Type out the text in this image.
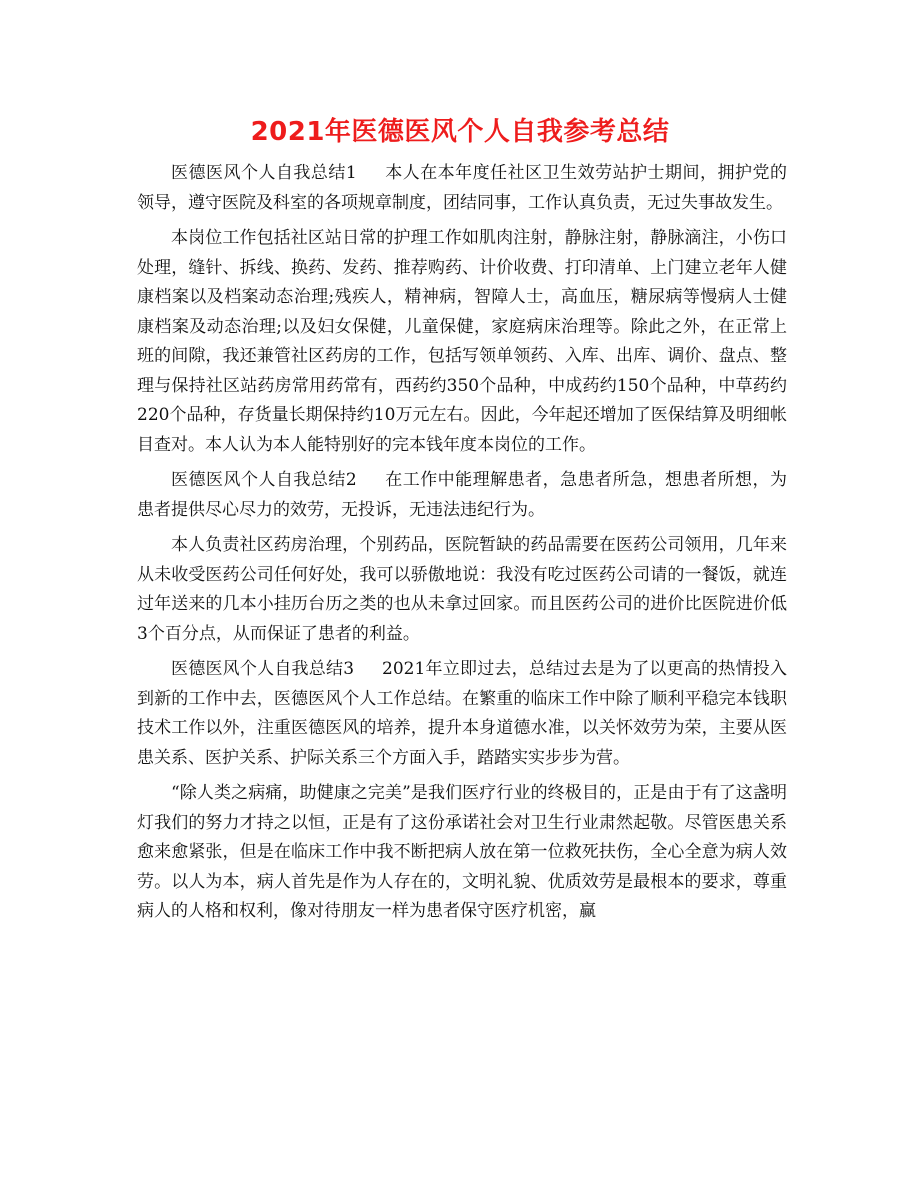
2021年医德医风个人自我参考总结

医德医风个人自我总结1 本人在本年度任社区卫生效劳站护士期间，拥护党的领导，遵守医院及科室的各项规章制度，团结同事，工作认真负责，无过失事故发生。

本岗位工作包括社区站日常的护理工作如肌肉注射，静脉注射，静脉滴注，小伤口处理，缝针、拆线、换药、发药、推荐购药、计价收费、打印清单、上门建立老年人健康档案以及档案动态治理;残疾人，精神病，智障人士，高血压，糖尿病等慢病人士健康档案及动态治理;以及妇女保健，儿童保健，家庭病床治理等。除此之外，在正常上班的间隙，我还兼管社区药房的工作，包括写领单领药、入库、出库、调价、盘点、整理与保持社区站药房常用药常有，西药约350个品种，中成药约150个品种，中草药约220个品种，存货量长期保持约10万元左右。因此，今年起还增加了医保结算及明细帐目查对。本人认为本人能特别好的完本钱年度本岗位的工作。

医德医风个人自我总结2 在工作中能理解患者，急患者所急，想患者所想，为患者提供尽心尽力的效劳，无投诉，无违法违纪行为。

本人负责社区药房治理，个别药品，医院暂缺的药品需要在医药公司领用，几年来从未收受医药公司任何好处，我可以骄傲地说：我没有吃过医药公司请的一餐饭，就连过年送来的几本小挂历台历之类的也从未拿过回家。而且医药公司的进价比医院进价低3个百分点，从而保证了患者的利益。

医德医风个人自我总结3 2021年立即过去，总结过去是为了以更高的热情投入到新的工作中去，医德医风个人工作总结。在繁重的临床工作中除了顺利平稳完本钱职技术工作以外，注重医德医风的培养，提升本身道德水准，以关怀效劳为荣，主要从医患关系、医护关系、护际关系三个方面入手，踏踏实实步步为营。

“除人类之病痛，助健康之完美”是我们医疗行业的终极目的，正是由于有了这盏明灯我们的努力才持之以恒，正是有了这份承诺社会对卫生行业肃然起敬。尽管医患关系愈来愈紧张，但是在临床工作中我不断把病人放在第一位救死扶伤，全心全意为病人效劳。以人为本，病人首先是作为人存在的，文明礼貌、优质效劳是最根本的要求，尊重病人的人格和权利，像对待朋友一样为患者保守医疗机密，赢
